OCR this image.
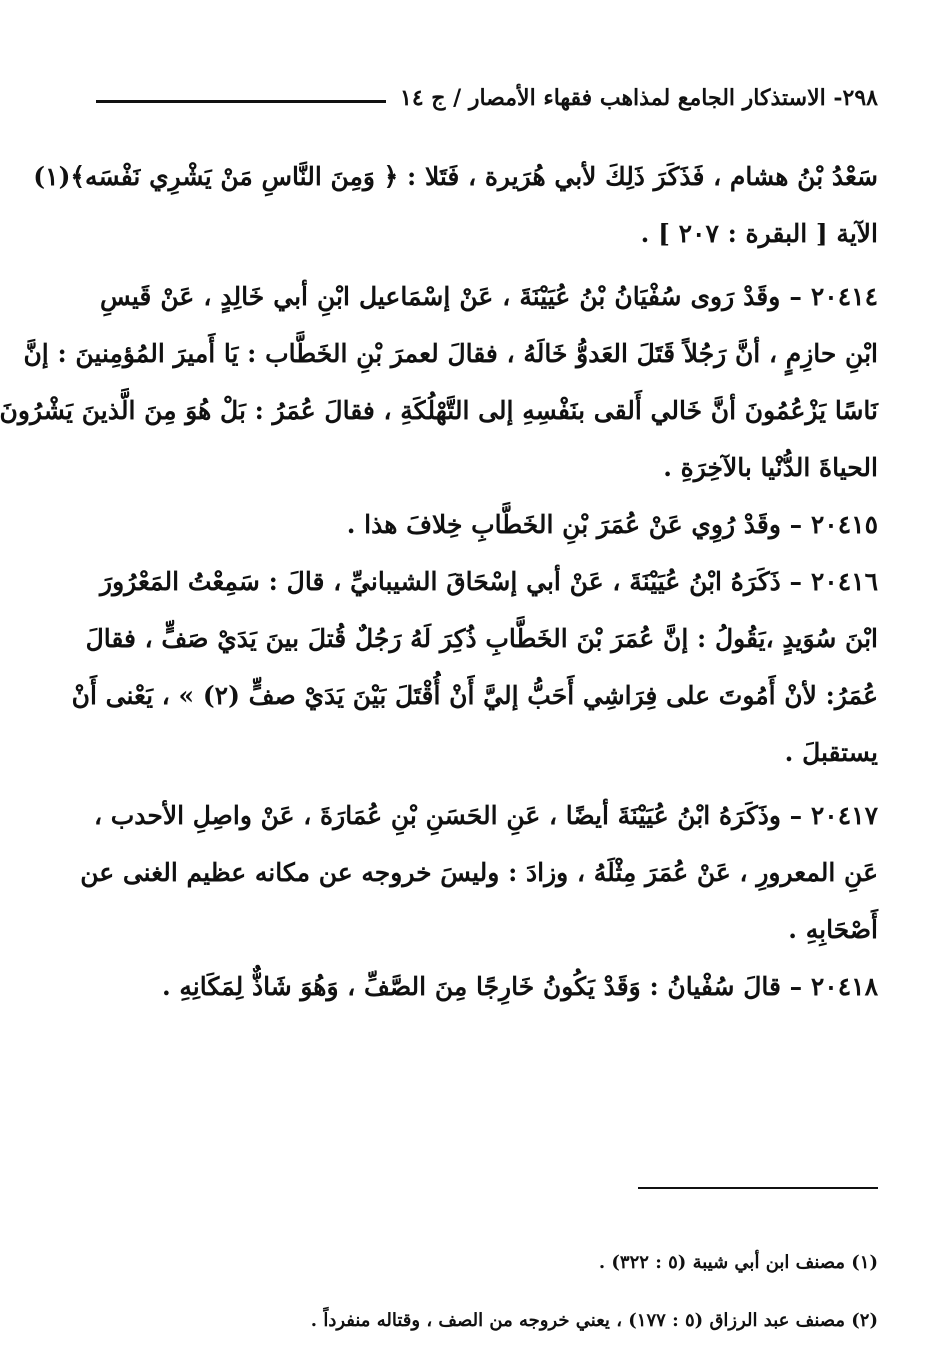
٢٩٨- الاستذكار الجامع لمذاهب فقهاء الأمصار / ج ١٤

سَعْدُ بْنُ هشام ، فَذَكَرَ ذَلِكَ لأبي هُرَيرة ، فَتَلا : ﴿ وَمِنَ النَّاسِ مَنْ يَشْرِي نَفْسَه﴾(١)
الآية [ البقرة : ٢٠٧ ] .

٢٠٤١٤ – وقَدْ رَوى سُفْيَانُ بْنُ عُيَيْنَةَ ، عَنْ إسْمَاعيل ابْنِ أبي خَالِدٍ ، عَنْ قَيسِ
ابْنِ حازِمٍ ، أنَّ رَجُلاً قَتَلَ العَدوُّ خَالَهُ ، فقالَ لعمرَ بْنِ الخَطَّاب : يَا أَميرَ المُؤمِنينَ : إنَّ
نَاسًا يَزْعُمُونَ أنَّ خَالي أَلقى بنَفْسِهِ إلى التَّهْلُكَةِ ، فقالَ عُمَرُ : بَلْ هُوَ مِنَ الَّذينَ يَشْرُونَ
الحياةَ الدُّنْيا بالآخِرَةِ .

٢٠٤١٥ – وقَدْ رُوِي عَنْ عُمَرَ بْنِ الخَطَّابِ خِلافَ هذا .

٢٠٤١٦ – ذَكَرَهُ ابْنُ عُيَيْنَةَ ، عَنْ أبي إسْحَاقَ الشيبانيِّ ، قالَ : سَمِعْتُ المَعْرُورَ
ابْنَ سُوَيدٍ ،يَقُولُ : إنَّ عُمَرَ بْنَ الخَطَّابِ ذُكِرَ لَهُ رَجُلٌ قُتلَ بينَ يَدَيْ صَفٍّ ، فقالَ
عُمَرُ: لأنْ أَمُوتَ على فِرَاشِي أَحَبُّ إليَّ أَنْ أُقْتَلَ بَيْنَ يَدَيْ صفٍّ (٢) » ، يَعْنى أَنْ
يستقبلَ .

٢٠٤١٧ – وذَكَرَهُ ابْنُ عُيَيْنَةَ أيضًا ، عَنِ الحَسَنِ بْنِ عُمَارَةَ ، عَنْ واصِلِ الأحدب ،
عَنِ المعرورِ ، عَنْ عُمَرَ مِثْلَهُ ، وزادَ : وليسَ خروجه عن مكانه عظيم الغنى عن
أَصْحَابِهِ .

٢٠٤١٨ – قالَ سُفْيانُ : وَقَدْ يَكُونُ خَارِجًا مِنَ الصَّفِّ ، وَهُوَ شَاذٌّ لِمَكَانِهِ .

(١) مصنف ابن أبي شيبة (٥ : ٣٢٢) .
(٢) مصنف عبد الرزاق (٥ : ١٧٧) ، يعني خروجه من الصف ، وقتاله منفرداً .
